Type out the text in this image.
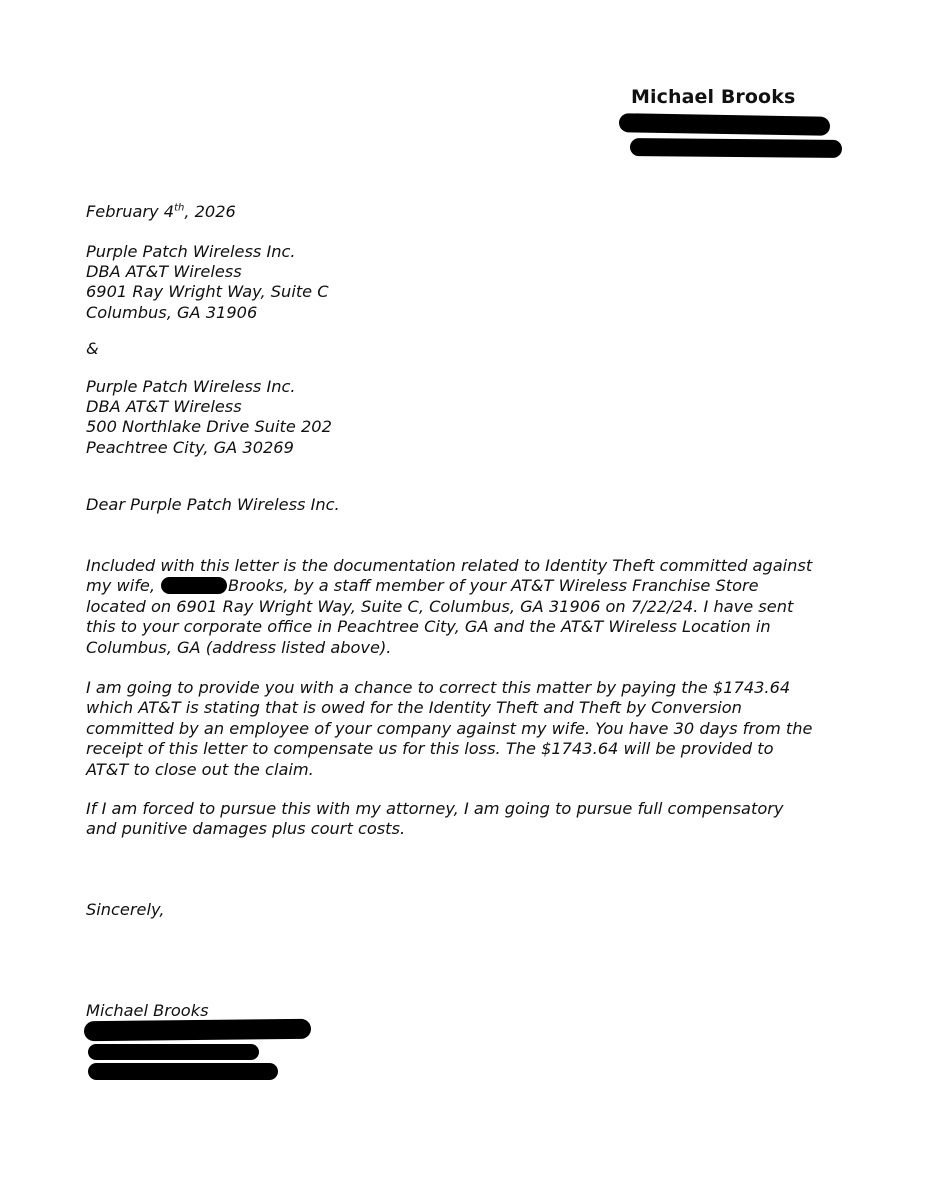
Michael Brooks
February 4th, 2026
Purple Patch Wireless Inc.
DBA AT&T Wireless
6901 Ray Wright Way, Suite C
Columbus, GA 31906
&
Purple Patch Wireless Inc.
DBA AT&T Wireless
500 Northlake Drive Suite 202
Peachtree City, GA 30269
Dear Purple Patch Wireless Inc.
Included with this letter is the documentation related to Identity Theft committed against
my wife,	Brooks, by a staff member of your AT&T Wireless Franchise Store
located on 6901 Ray Wright Way, Suite C, Columbus, GA 31906 on 7/22/24. I have sent
this to your corporate office in Peachtree City, GA and the AT&T Wireless Location in
Columbus, GA (address listed above).
I am going to provide you with a chance to correct this matter by paying the $1743.64
which AT&T is stating that is owed for the Identity Theft and Theft by Conversion
committed by an employee of your company against my wife. You have 30 days from the
receipt of this letter to compensate us for this loss. The $1743.64 will be provided to
AT&T to close out the claim.
If I am forced to pursue this with my attorney, I am going to pursue full compensatory
and punitive damages plus court costs.
Sincerely,
Michael Brooks
